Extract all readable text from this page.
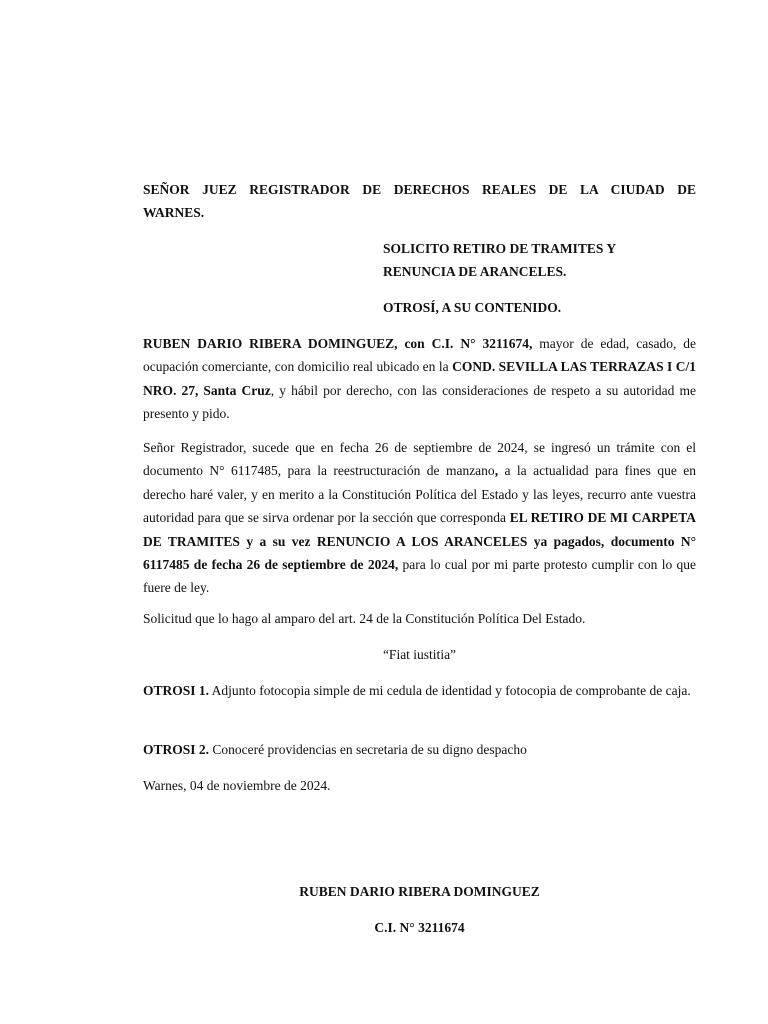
SEÑOR JUEZ REGISTRADOR DE DERECHOS REALES DE LA CIUDAD DE
WARNES.
SOLICITO RETIRO DE TRAMITES Y
RENUNCIA DE ARANCELES.
OTROSÍ, A SU CONTENIDO.

RUBEN DARIO RIBERA DOMINGUEZ, con C.I. N° 3211674, mayor de edad, casado, de ocupación comerciante, con domicilio real ubicado en la COND. SEVILLA LAS TERRAZAS I C/1 NRO. 27, Santa Cruz, y hábil por derecho, con las consideraciones de respeto a su autoridad me presento y pido.

Señor Registrador, sucede que en fecha 26 de septiembre de 2024, se ingresó un trámite con el documento N° 6117485, para la reestructuración de manzano, a la actualidad para fines que en derecho haré valer, y en merito a la Constitución Política del Estado y las leyes, recurro ante vuestra autoridad para que se sirva ordenar por la sección que corresponda EL RETIRO DE MI CARPETA DE TRAMITES y a su vez RENUNCIO A LOS ARANCELES ya pagados, documento N° 6117485 de fecha 26 de septiembre de 2024, para lo cual por mi parte protesto cumplir con lo que fuere de ley.

Solicitud que lo hago al amparo del art. 24 de la Constitución Política Del Estado.

“Fiat iustitia”

OTROSI 1. Adjunto fotocopia simple de mi cedula de identidad y fotocopia de comprobante de caja.

OTROSI 2. Conoceré providencias en secretaria de su digno despacho

Warnes, 04 de noviembre de 2024.

RUBEN DARIO RIBERA DOMINGUEZ
C.I. N° 3211674
